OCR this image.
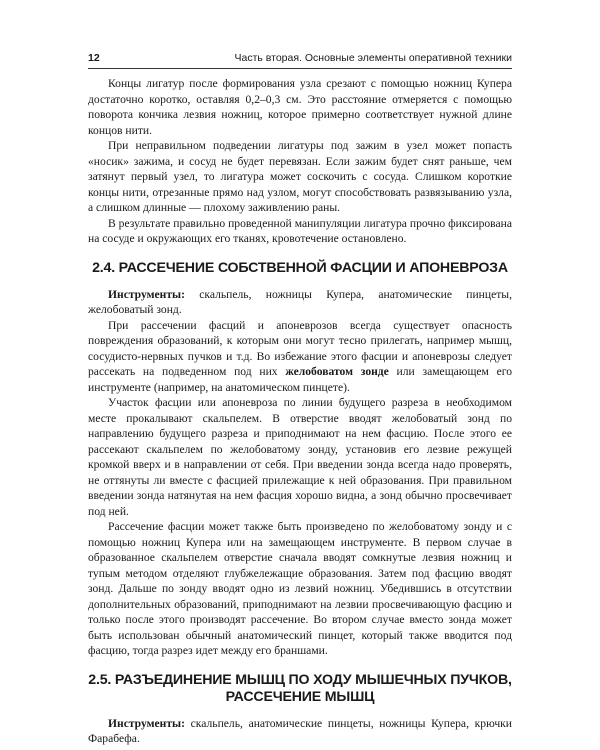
12	Часть вторая. Основные элементы оперативной техники

Концы лигатур после формирования узла срезают с помощью ножниц Купера достаточно коротко, оставляя 0,2–0,3 см. Это расстояние отмеряется с помощью поворота кончика лезвия ножниц, которое примерно соответствует нужной длине концов нити.

При неправильном подведении лигатуры под зажим в узел может попасть «носик» зажима, и сосуд не будет перевязан. Если зажим будет снят раньше, чем затянут первый узел, то лигатура может соскочить с сосуда. Слишком короткие концы нити, отрезанные прямо над узлом, могут способствовать развязыванию узла, а слишком длинные — плохому заживлению раны.

В результате правильно проведенной манипуляции лигатура прочно фиксирована на сосуде и окружающих его тканях, кровотечение остановлено.

2.4. РАССЕЧЕНИЕ СОБСТВЕННОЙ ФАСЦИИ И АПОНЕВРОЗА

Инструменты: скальпель, ножницы Купера, анатомические пинцеты, желобоватый зонд.

При рассечении фасций и апоневрозов всегда существует опасность повреждения образований, к которым они могут тесно прилегать, например мышц, сосудисто-нервных пучков и т.д. Во избежание этого фасции и апоневрозы следует рассекать на подведенном под них желобоватом зонде или замещающем его инструменте (например, на анатомическом пинцете).

Участок фасции или апоневроза по линии будущего разреза в необходимом месте прокалывают скальпелем. В отверстие вводят желобоватый зонд по направлению будущего разреза и приподнимают на нем фасцию. После этого ее рассекают скальпелем по желобоватому зонду, установив его лезвие режущей кромкой вверх и в направлении от себя. При введении зонда всегда надо проверять, не оттянуты ли вместе с фасцией прилежащие к ней образования. При правильном введении зонда натянутая на нем фасция хорошо видна, а зонд обычно просвечивает под ней.

Рассечение фасции может также быть произведено по желобоватому зонду и с помощью ножниц Купера или на замещающем инструменте. В первом случае в образованное скальпелем отверстие сначала вводят сомкнутые лезвия ножниц и тупым методом отделяют глубжележащие образования. Затем под фасцию вводят зонд. Дальше по зонду вводят одно из лезвий ножниц. Убедившись в отсутствии дополнительных образований, приподнимают на лезвии просвечивающую фасцию и только после этого производят рассечение. Во втором случае вместо зонда может быть использован обычный анатомический пинцет, который также вводится под фасцию, тогда разрез идет между его браншами.

2.5. РАЗЪЕДИНЕНИЕ МЫШЦ ПО ХОДУ МЫШЕЧНЫХ ПУЧКОВ,
РАССЕЧЕНИЕ МЫШЦ

Инструменты: скальпель, анатомические пинцеты, ножницы Купера, крючки Фарабефа.
